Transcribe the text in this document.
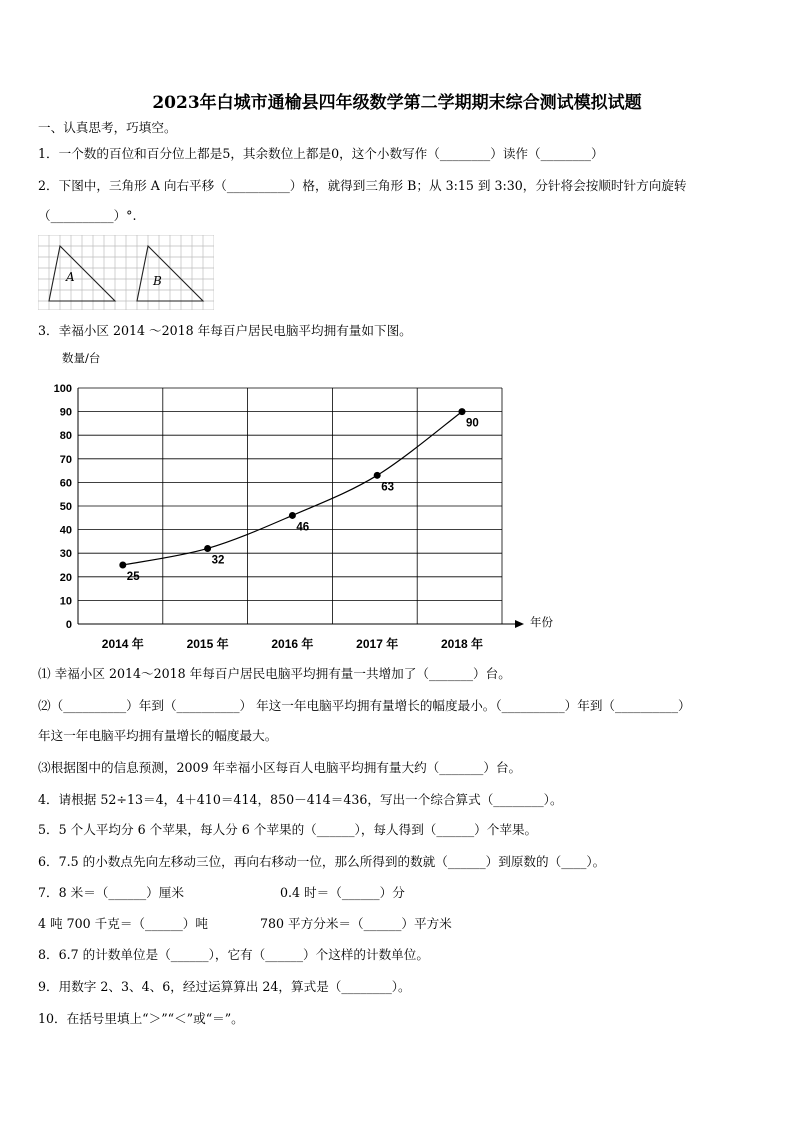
2023年白城市通榆县四年级数学第二学期期末综合测试模拟试题
一、认真思考，巧填空。
1．一个数的百位和百分位上都是5，其余数位上都是0，这个小数写作（________）读作（________）
2．下图中，三角形 A 向右平移（__________）格，就得到三角形 B；从 3:15 到 3:30，分针将会按顺时针方向旋转
（__________）°.
A	B
3．幸福小区 2014 ～2018 年每百户居民电脑平均拥有量如下图。
0
10
20
30
40
50
60
70
80
90
100
数量/台
年份
2014 年	2015 年	2016 年	2017 年	2018 年
25
32
46
63
90
⑴ 幸福小区 2014～2018 年每百户居民电脑平均拥有量一共增加了（_______）台。
⑵（__________）年到（__________） 年这一年电脑平均拥有量增长的幅度最小。（__________）年到（__________）
年这一年电脑平均拥有量增长的幅度最大。
⑶根据图中的信息预测，2009 年幸福小区每百人电脑平均拥有量大约（_______）台。
4．请根据 52÷13＝4，4＋410＝414，850－414＝436，写出一个综合算式（________）。
5．5 个人平均分 6 个苹果，每人分 6 个苹果的（______），每人得到（______）个苹果。
6．7.5 的小数点先向左移动三位，再向右移动一位，那么所得到的数就（______）到原数的（____）。
7．8 米＝（______）厘米	0.4 时＝（______）分
4 吨 700 千克＝（______）吨	780 平方分米＝（______）平方米
8．6.7 的计数单位是（______），它有（______）个这样的计数单位。
9．用数字 2、3、4、6，经过运算算出 24，算式是（________）。
10．在括号里填上“＞”“＜”或“＝”。
